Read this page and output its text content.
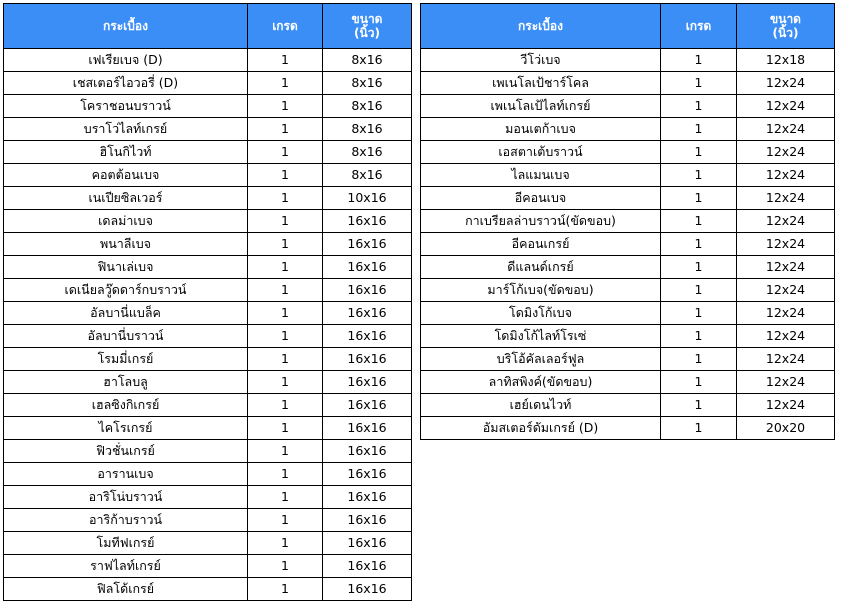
กระเบื้อง	เกรด	ขนาด
(นิ้ว)

เฟเรียเบจ (D)	1	8x16
เชสเตอร์ไอวอรี่ (D)	1	8x16
โคราชอนบราวน์	1	8x16
บราโว่ไลท์เกรย์	1	8x16
ฮิโนกิไวท์	1	8x16
คอตต้อนเบจ	1	8x16
เนเปียซิลเวอร์	1	10x16
เดลม่าเบจ	1	16x16
พนาลีเบจ	1	16x16
ฟินาเล่เบจ	1	16x16
เดเนียลวู๊ดดาร์กบราวน์	1	16x16
อัลบานี่แบล็ค	1	16x16
อัลบานี่บราวน์	1	16x16
โรมมี่เกรย์	1	16x16
ฮาโลบลู	1	16x16
เฮลซิงกิเกรย์	1	16x16
ไคโรเกรย์	1	16x16
ฟิวชั่นเกรย์	1	16x16
อารานเบจ	1	16x16
อาริโน่บราวน์	1	16x16
อาริก้าบราวน์	1	16x16
โมทีฟเกรย์	1	16x16
ราฟไลท์เกรย์	1	16x16
ฟิลโด้เกรย์	1	16x16
กระเบื้อง	เกรด	ขนาด
(นิ้ว)

วีโว่เบจ	1	12x18
เพเนโลเป้ชาร์โคล	1	12x24
เพเนโลเป้ไลท์เกรย์	1	12x24
มอนเตก้าเบจ	1	12x24
เอสตาเต้บราวน์	1	12x24
ไลแมนเบจ	1	12x24
อีคอนเบจ	1	12x24
กาเบรียลล่าบราวน์(ขัดขอบ)	1	12x24
อีคอนเกรย์	1	12x24
ดีแลนด์เกรย์	1	12x24
มาร์โก้เบจ(ขัดขอบ)	1	12x24
โดมิงโก้เบจ	1	12x24
โดมิงโก้ไลท์โรเซ่	1	12x24
บริโอ้คัลเลอร์ฟูล	1	12x24
ลาทิสพิงค์(ขัดขอบ)	1	12x24
เฮย์เดนไวท์	1	12x24
อัมสเตอร์ดัมเกรย์ (D)	1	20x20
